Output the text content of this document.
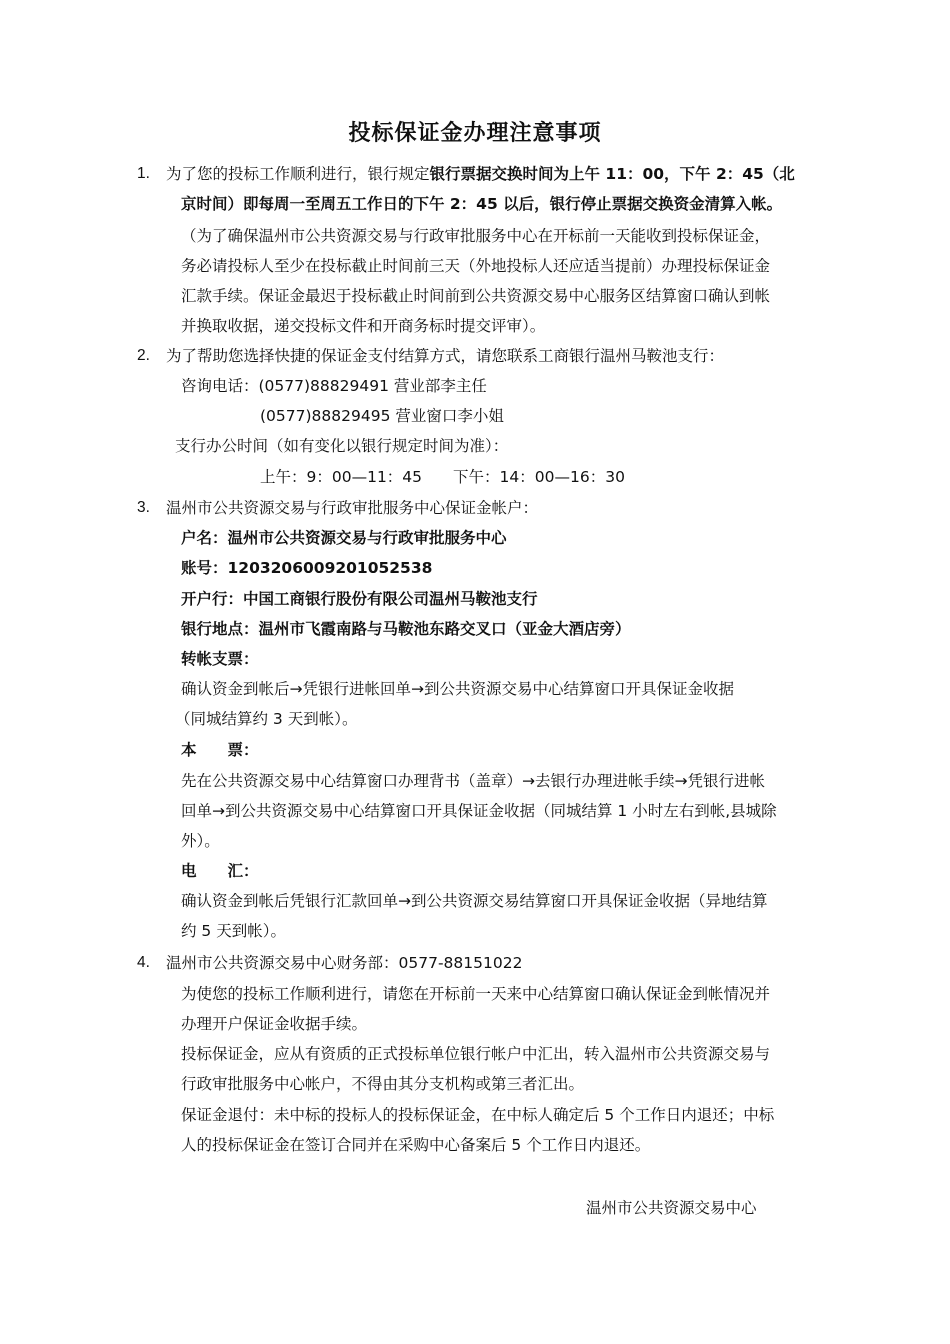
投标保证金办理注意事项
1. 为了您的投标工作顺利进行，银行规定银行票据交换时间为上午 11：00，下午 2：45（北
京时间）即每周一至周五工作日的下午 2：45 以后，银行停止票据交换资金清算入帐。
（为了确保温州市公共资源交易与行政审批服务中心在开标前一天能收到投标保证金，
务必请投标人至少在投标截止时间前三天（外地投标人还应适当提前）办理投标保证金
汇款手续。保证金最迟于投标截止时间前到公共资源交易中心服务区结算窗口确认到帐
并换取收据，递交投标文件和开商务标时提交评审）。
2. 为了帮助您选择快捷的保证金支付结算方式，请您联系工商银行温州马鞍池支行：
咨询电话：(0577)88829491 营业部李主任
(0577)88829495 营业窗口李小姐
支行办公时间（如有变化以银行规定时间为准）：
上午：9：00—11：45　　下午：14：00—16：30
3. 温州市公共资源交易与行政审批服务中心保证金帐户：
户名：温州市公共资源交易与行政审批服务中心
账号：1203206009201052538
开户行：中国工商银行股份有限公司温州马鞍池支行
银行地点：温州市飞霞南路与马鞍池东路交叉口（亚金大酒店旁）
转帐支票：
确认资金到帐后→凭银行进帐回单→到公共资源交易中心结算窗口开具保证金收据
（同城结算约 3 天到帐）。
本　　票：
先在公共资源交易中心结算窗口办理背书（盖章）→去银行办理进帐手续→凭银行进帐
回单→到公共资源交易中心结算窗口开具保证金收据（同城结算 1 小时左右到帐,县城除
外）。
电　　汇：
确认资金到帐后凭银行汇款回单→到公共资源交易结算窗口开具保证金收据（异地结算
约 5 天到帐）。
4. 温州市公共资源交易中心财务部：0577-88151022
为使您的投标工作顺利进行，请您在开标前一天来中心结算窗口确认保证金到帐情况并
办理开户保证金收据手续。
投标保证金，应从有资质的正式投标单位银行帐户中汇出，转入温州市公共资源交易与
行政审批服务中心帐户，不得由其分支机构或第三者汇出。
保证金退付：未中标的投标人的投标保证金，在中标人确定后 5 个工作日内退还；中标
人的投标保证金在签订合同并在采购中心备案后 5 个工作日内退还。
温州市公共资源交易中心
